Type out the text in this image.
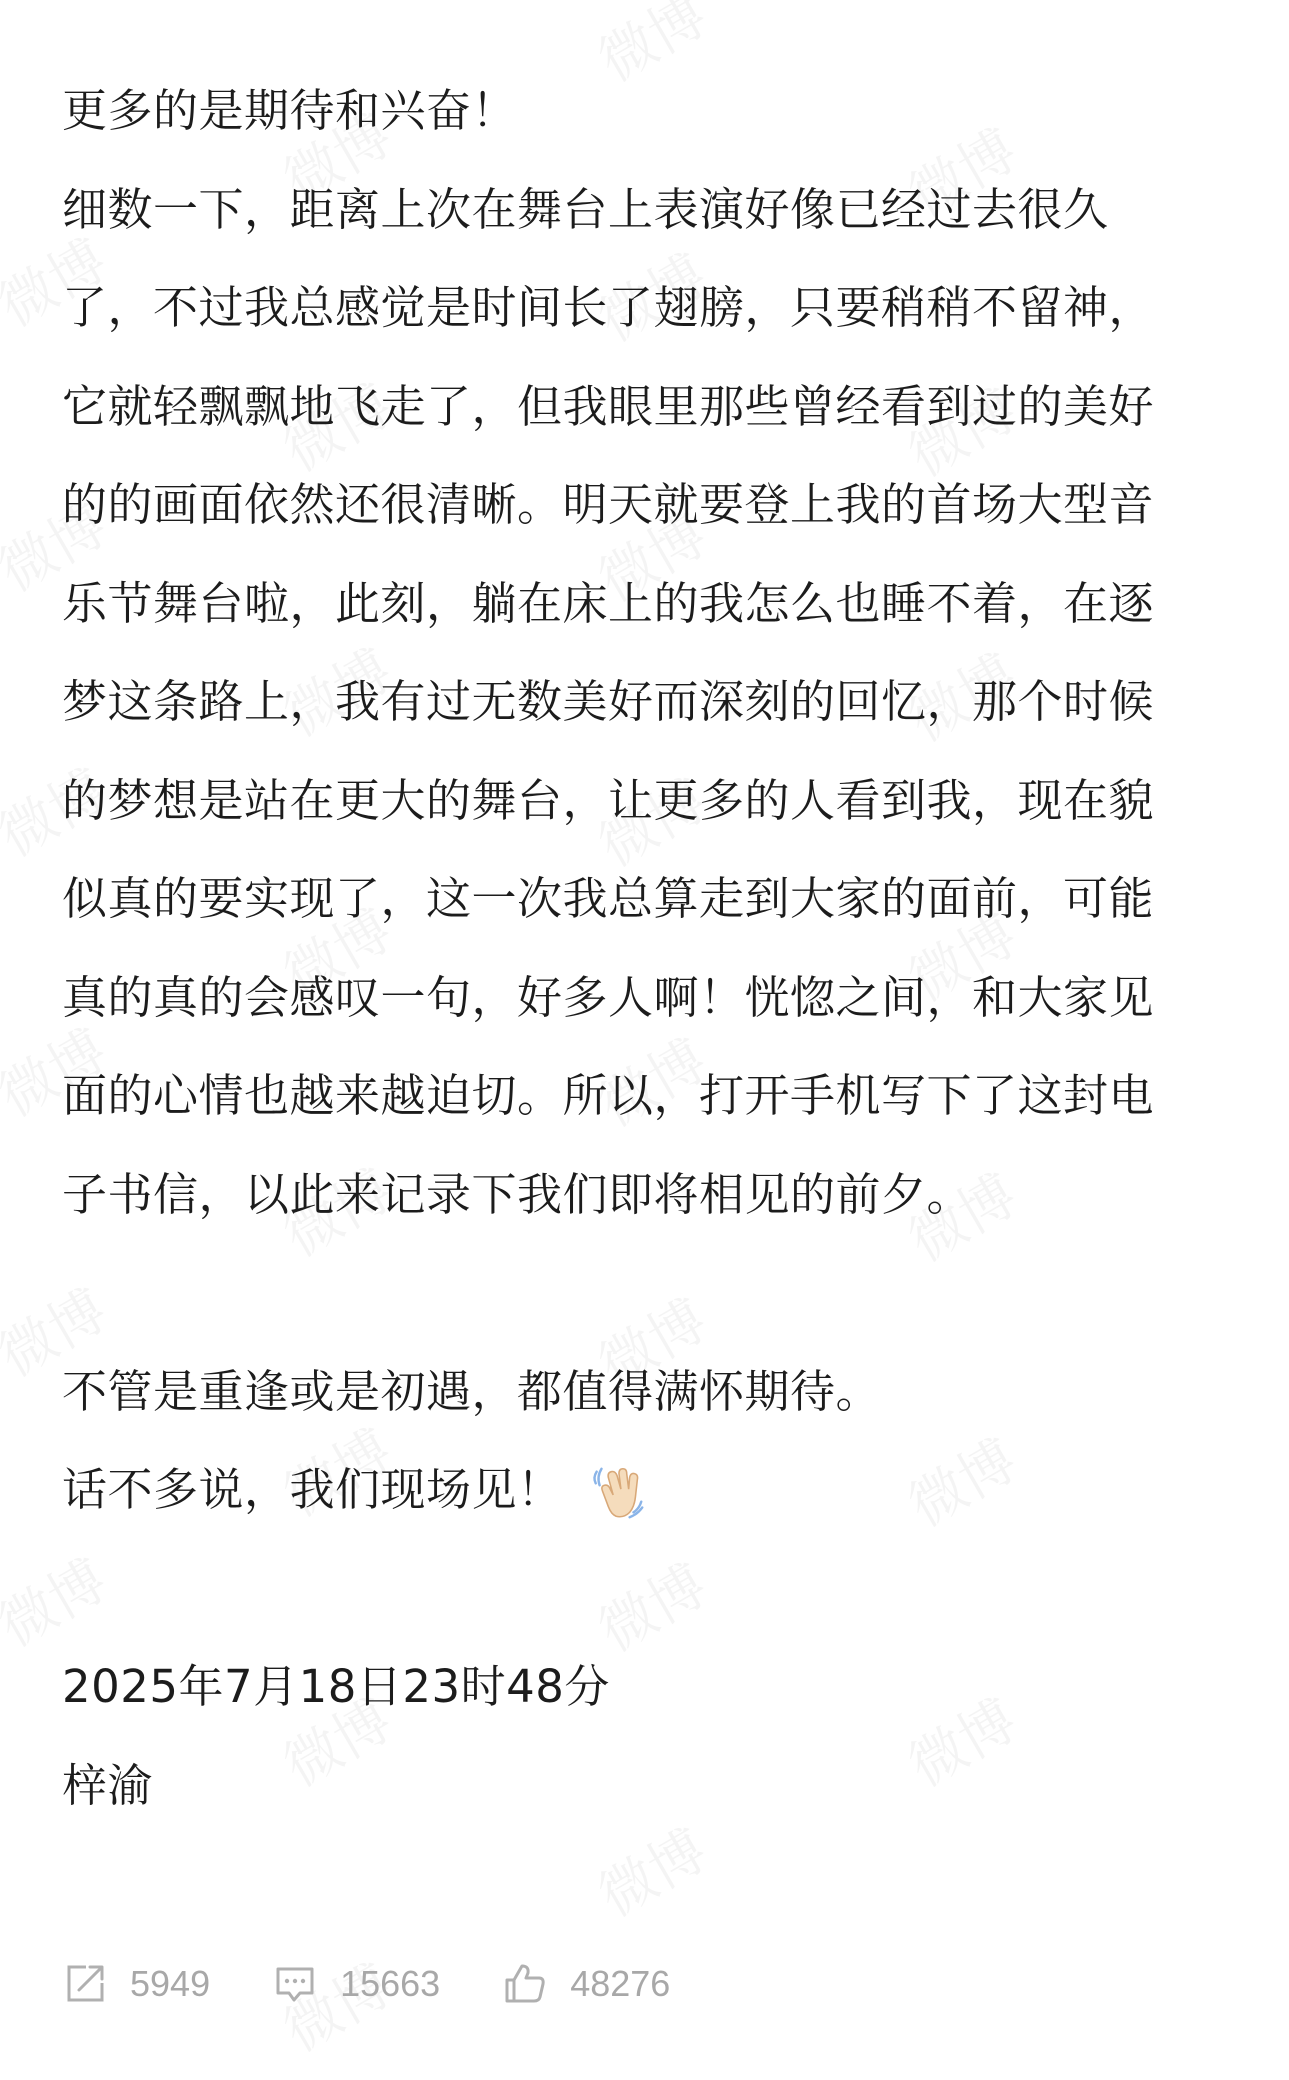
更多的是期待和兴奋！
细数一下，距离上次在舞台上表演好像已经过去很久
了，不过我总感觉是时间长了翅膀，只要稍稍不留神，
它就轻飘飘地飞走了，但我眼里那些曾经看到过的美好
的的画面依然还很清晰。明天就要登上我的首场大型音
乐节舞台啦，此刻，躺在床上的我怎么也睡不着，在逐
梦这条路上，我有过无数美好而深刻的回忆，那个时候
的梦想是站在更大的舞台，让更多的人看到我，现在貌
似真的要实现了，这一次我总算走到大家的面前，可能
真的真的会感叹一句，好多人啊！恍惚之间，和大家见
面的心情也越来越迫切。所以，打开手机写下了这封电
子书信，以此来记录下我们即将相见的前夕。
不管是重逢或是初遇，都值得满怀期待。
话不多说，我们现场见！
2025年7月18日23时48分
梓渝
5949	15663	48276
